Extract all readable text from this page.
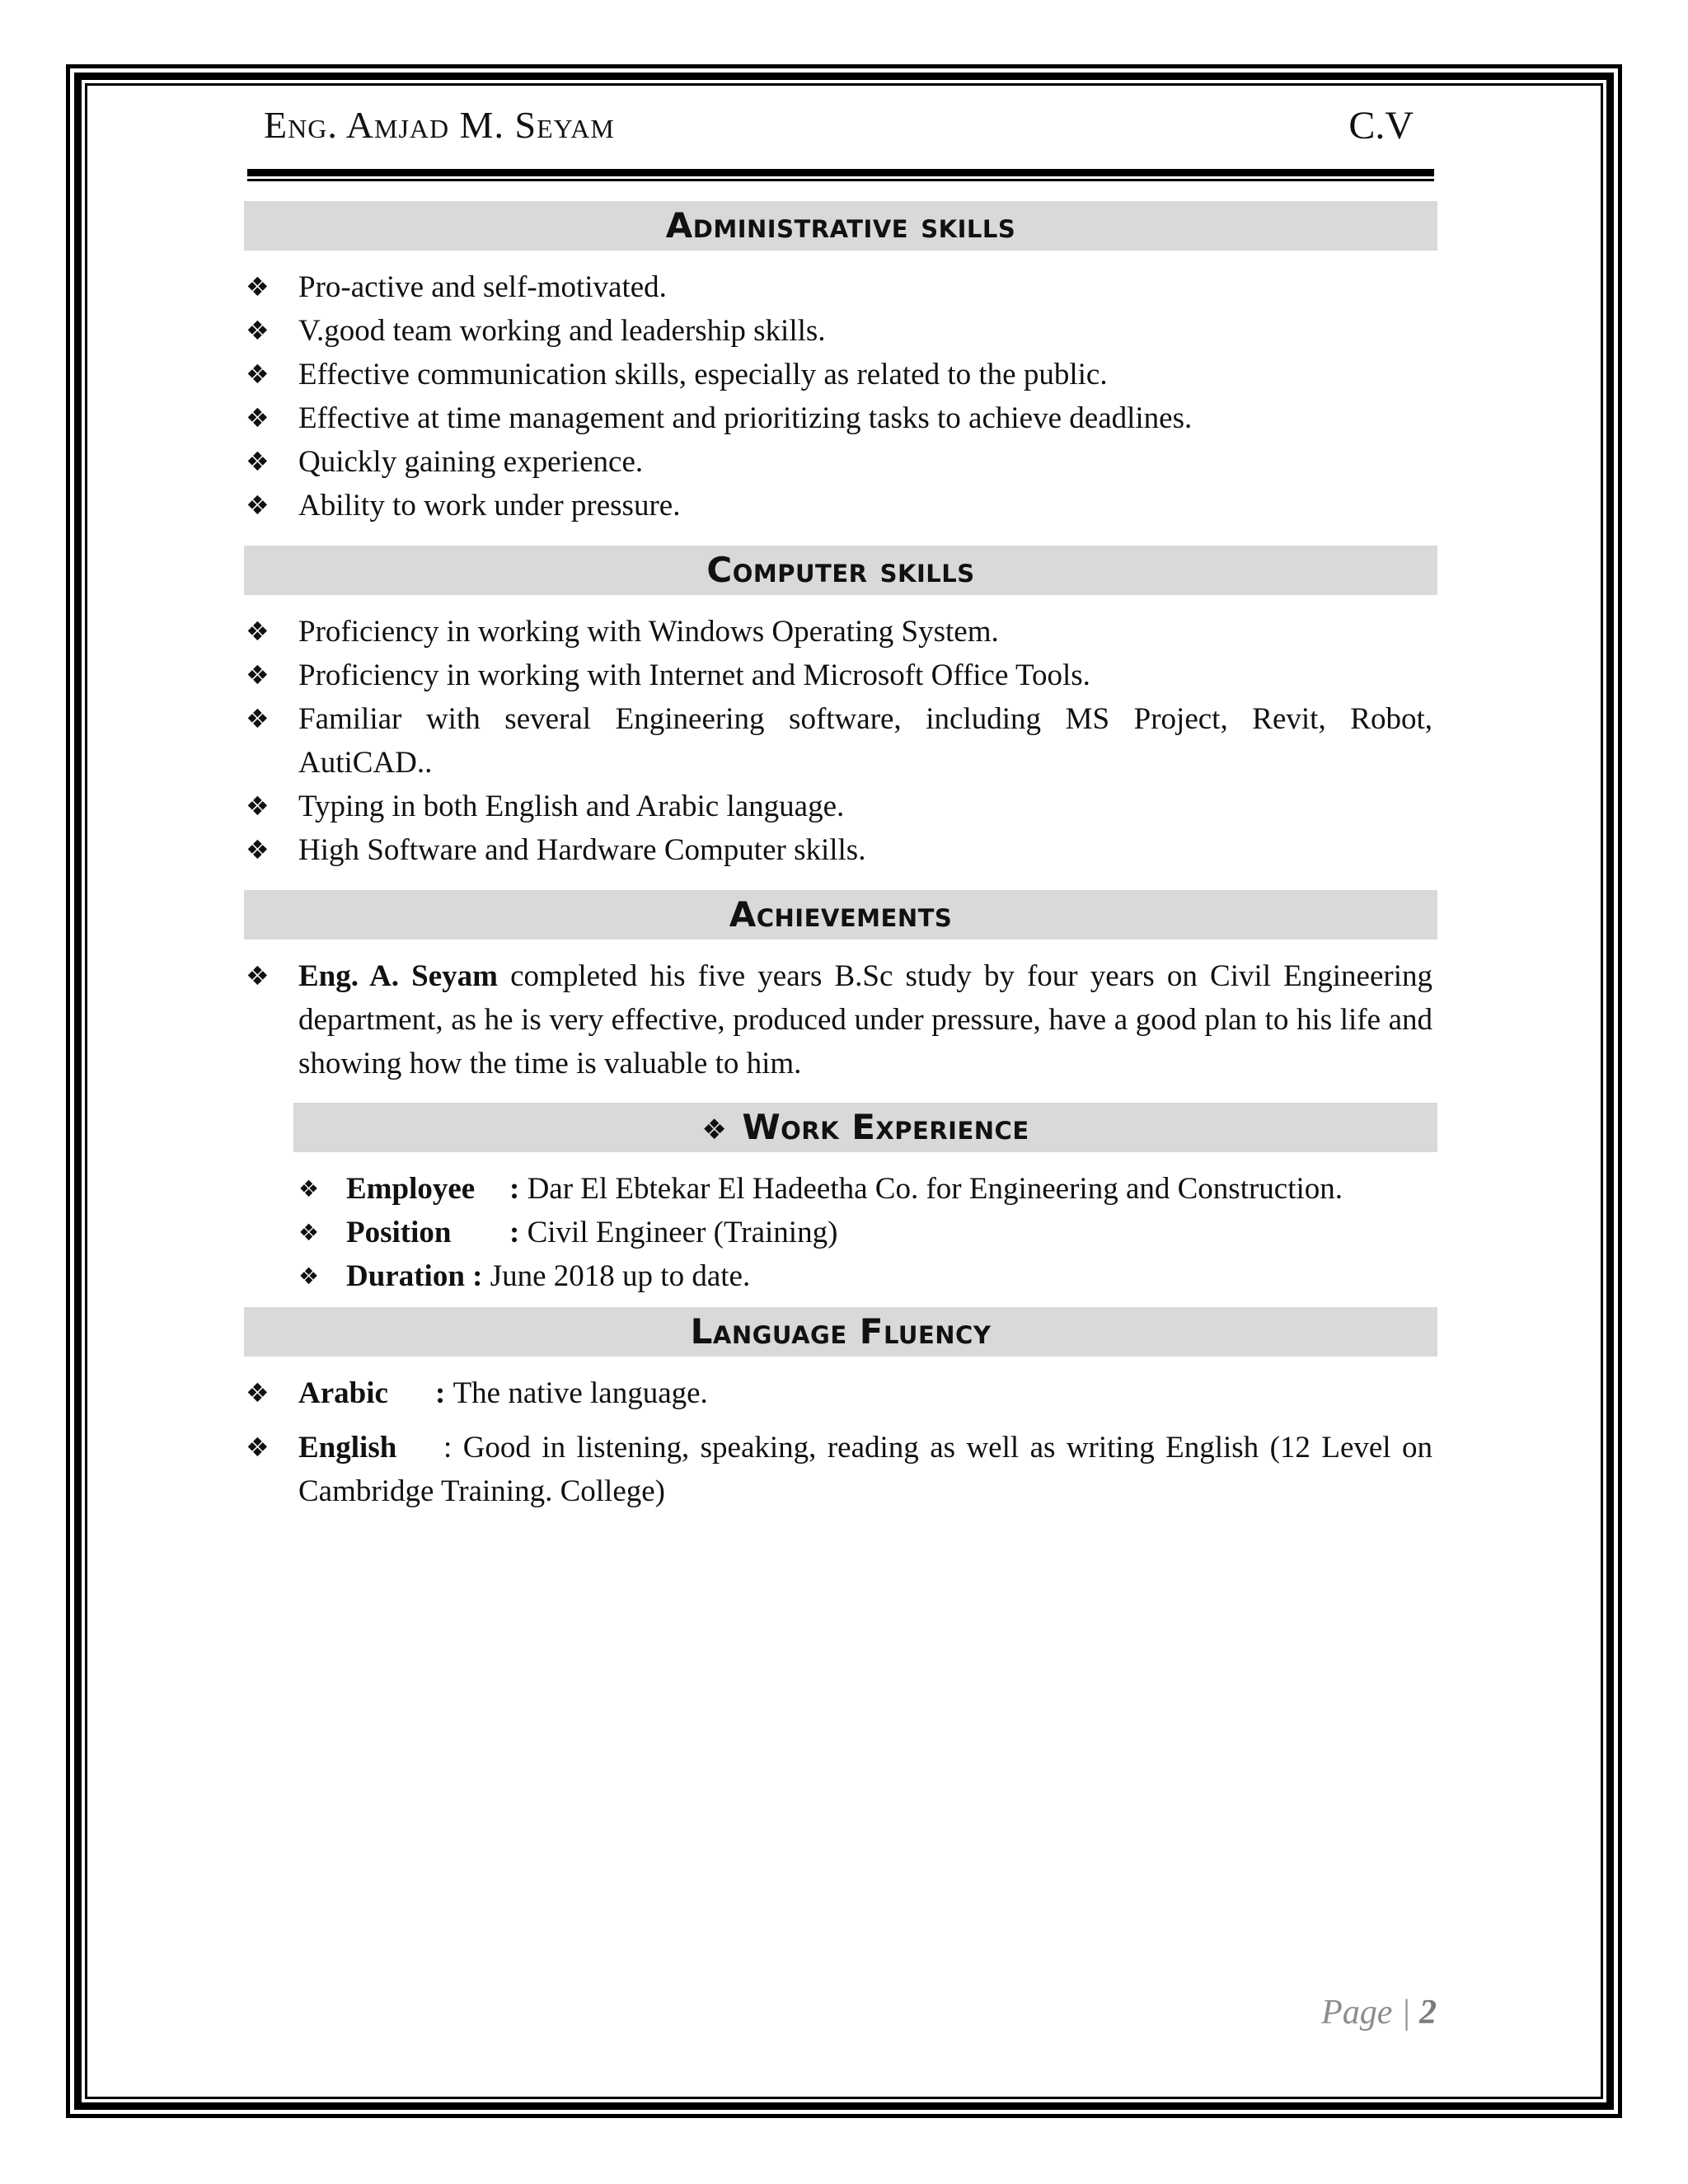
Eng. Amjad M. Seyam	C.V
Administrative skills
❖ Pro-active and self-motivated.
❖ V.good team working and leadership skills.
❖ Effective communication skills, especially as related to the public.
❖ Effective at time management and prioritizing tasks to achieve deadlines.
❖ Quickly gaining experience.
❖ Ability to work under pressure.
Computer skills
❖ Proficiency in working with Windows Operating System.
❖ Proficiency in working with Internet and Microsoft Office Tools.
❖ Familiar with several Engineering software, including MS Project, Revit, Robot, AutiCAD..
❖ Typing in both English and Arabic language.
❖ High Software and Hardware Computer skills.
Achievements
❖ Eng. A. Seyam completed his five years B.Sc study by four years on Civil Engineering department, as he is very effective, produced under pressure, have a good plan to his life and showing how the time is valuable to him.
❖ Work Experience
❖ Employee : Dar El Ebtekar El Hadeetha Co. for Engineering and Construction.
❖ Position : Civil Engineer (Training)
❖ Duration : June 2018 up to date.
Language Fluency
❖ Arabic : The native language.
❖ English : Good in listening, speaking, reading as well as writing English (12 Level on Cambridge Training. College)
Page | 2
